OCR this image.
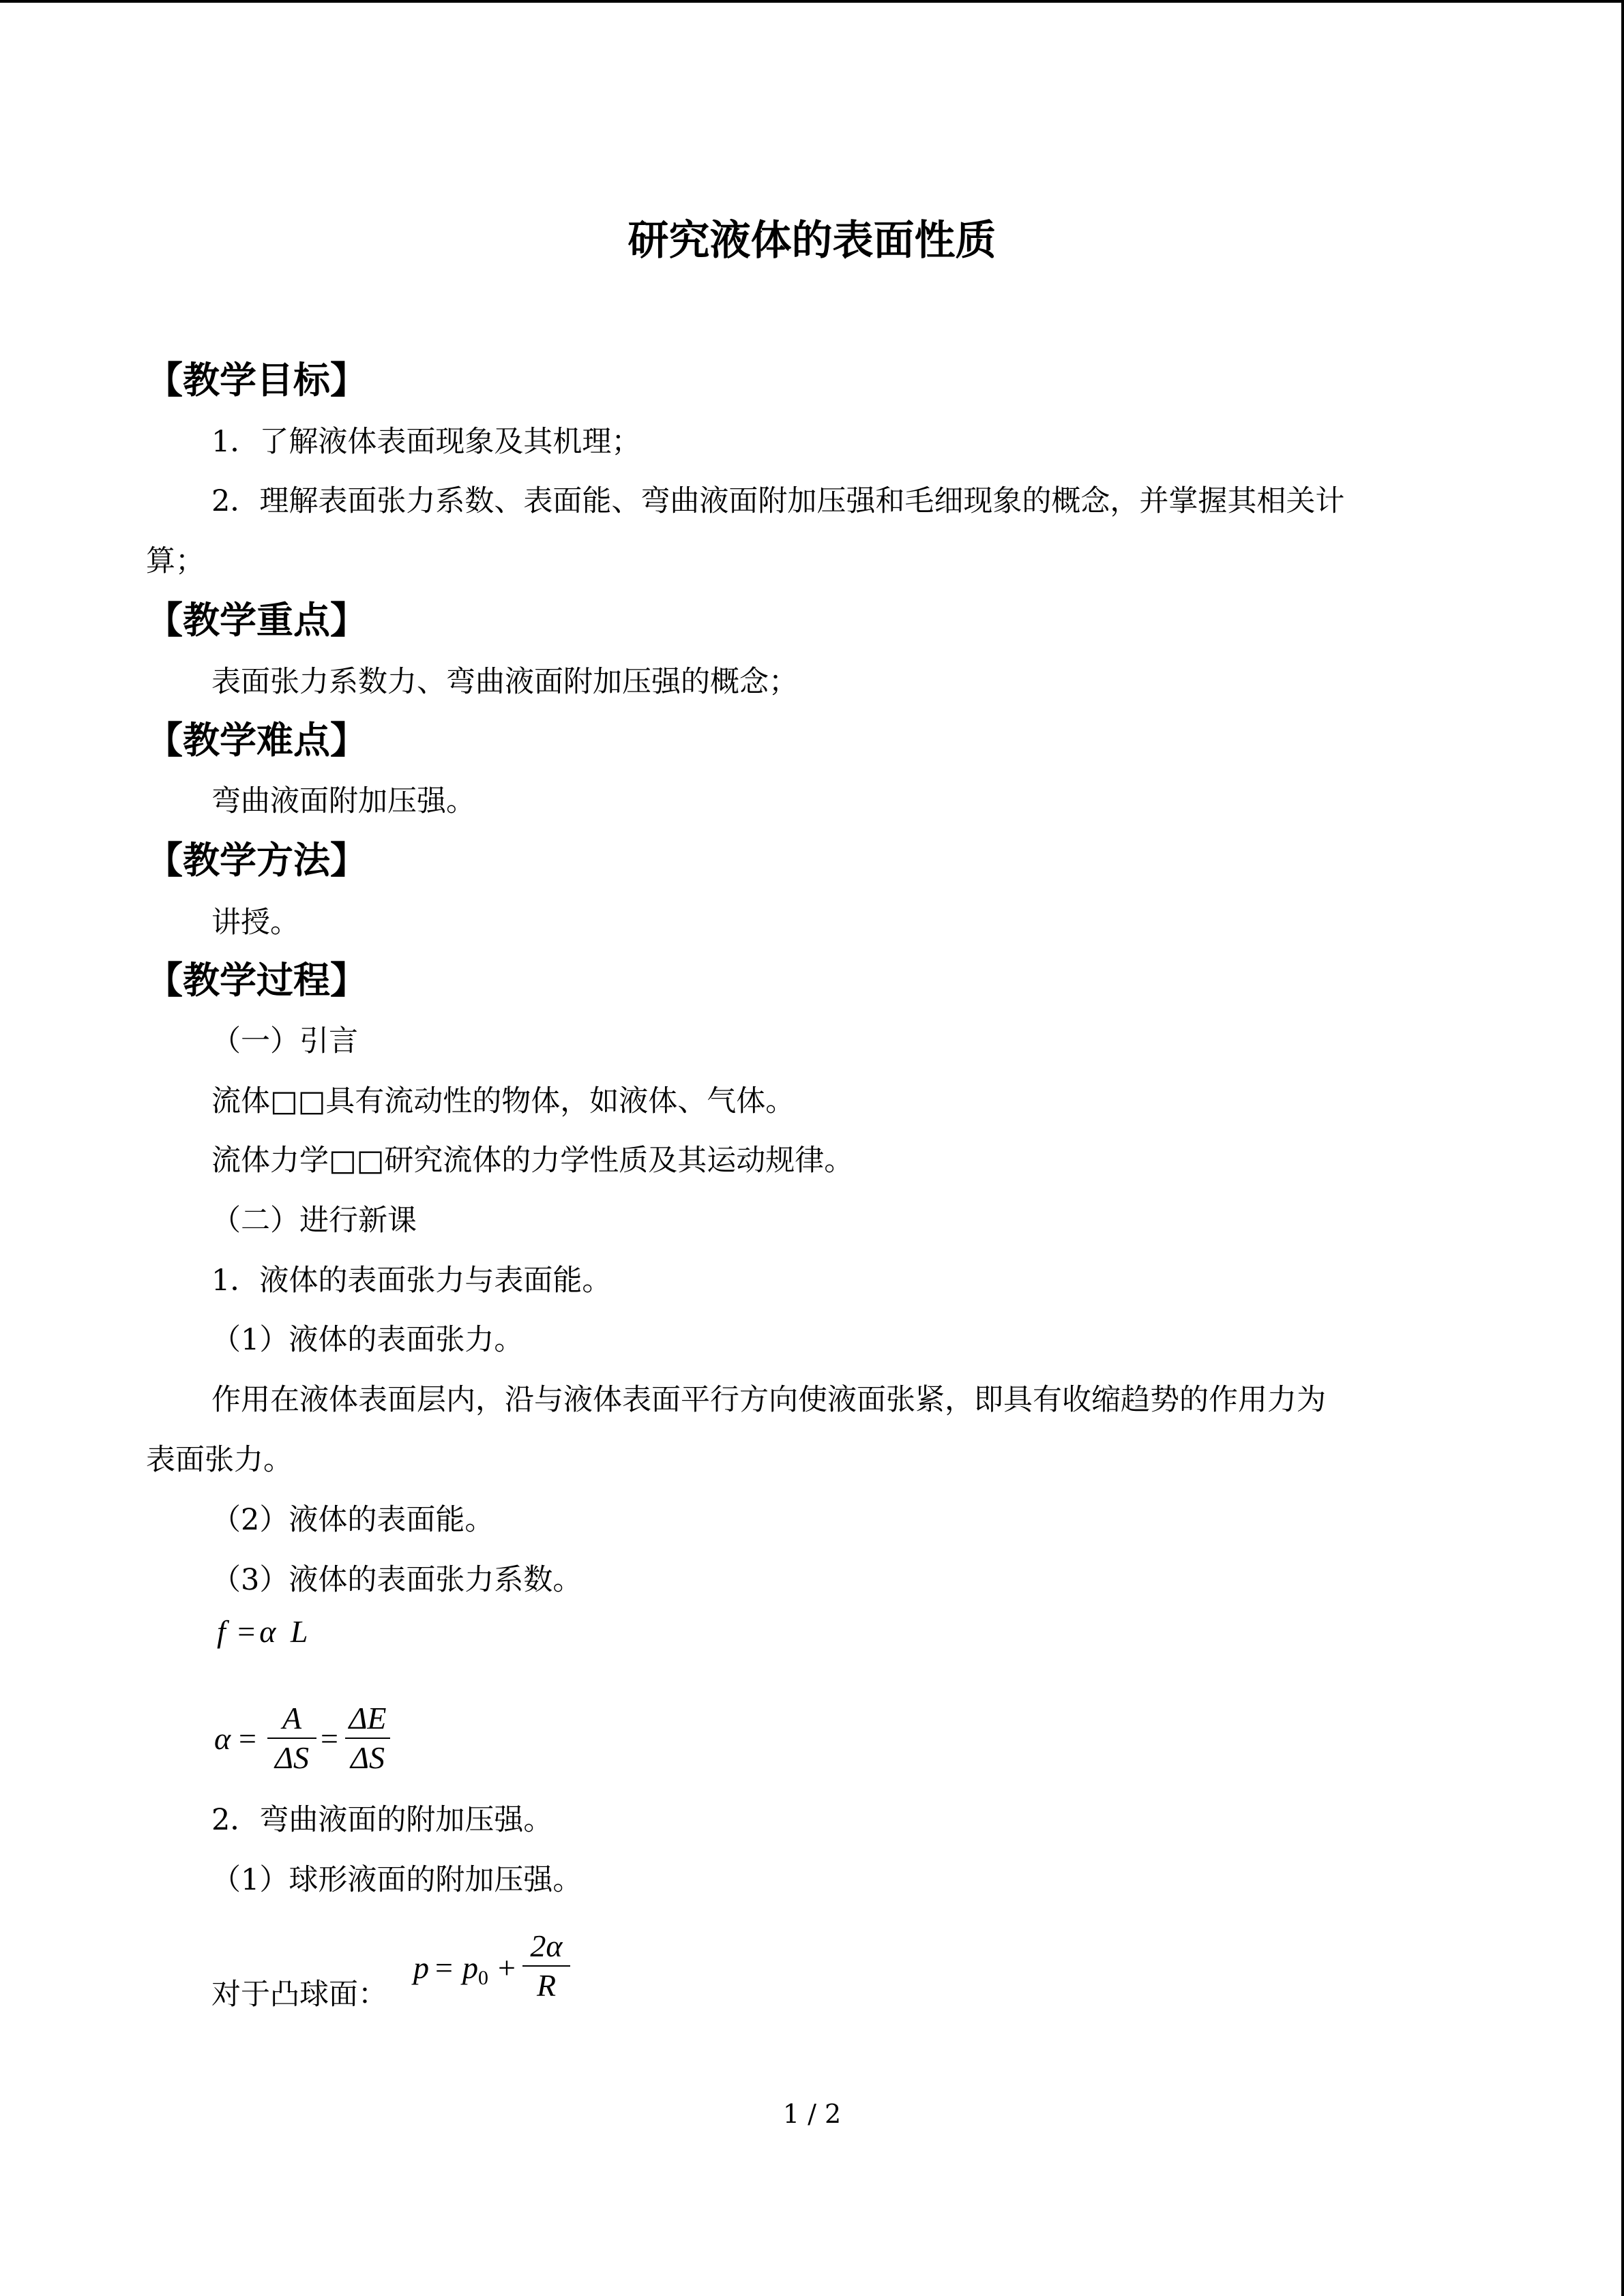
研究液体的表面性质
【教学目标】
1．了解液体表面现象及其机理；
2．理解表面张力系数、表面能、弯曲液面附加压强和毛细现象的概念，并掌握其相关计
算；
【教学重点】
表面张力系数力、弯曲液面附加压强的概念；
【教学难点】
弯曲液面附加压强。
【教学方法】
讲授。
【教学过程】
（一）引言
流体□□具有流动性的物体，如液体、气体。
流体力学□□研究流体的力学性质及其运动规律。
（二）进行新课
1．液体的表面张力与表面能。
（1）液体的表面张力。
作用在液体表面层内，沿与液体表面平行方向使液面张紧，即具有收缩趋势的作用力为
表面张力。
（2）液体的表面能。
（3）液体的表面张力系数。
f = α L
α =
A
ΔS
=
ΔE
ΔS
2．弯曲液面的附加压强。
（1）球形液面的附加压强。
对于凸球面：
$p = p_0$ +
2α
R
1 / 2
